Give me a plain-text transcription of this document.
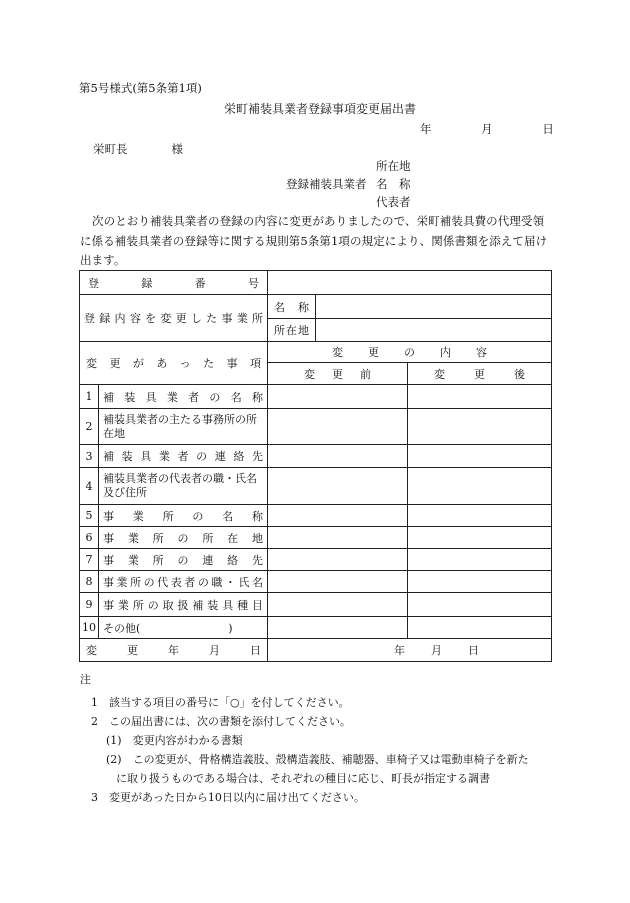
第5号様式(第5条第1項)
栄町補装具業者登録事項変更届出書
年	月	日
栄町長	様
所在地
登録補装具業者 名　称
代表者
次のとおり補装具業者の登録の内容に変更がありましたので、栄町補装具費の代理受領に係る補装具業者の登録等に関する規則第5条第1項の規定により、関係書類を添えて届け出ます。
登録番号				

登録内容を変更した事業所		名　称		

		所在地		

変更があった事項		変更の内容		

		変更前		変更後

1	補装具業者の名称			

2	補装具業者の主たる事務所の所在地			
3	補装具業者の連絡先			

4	補装具業者の代表者の職・氏名及び住所			
5	事業所の名称			

6	事業所の所在地			

7	事業所の連絡先			

8	事業所の代表者の職・氏名			

9	事業所の取扱補装具種目			

10	その他(　　　　　　　　)			

変更年月日		年 月 日		
注
1　該当する項目の番号に「○」を付してください。
2　この届出書には、次の書類を添付してください。
(1)　変更内容がわかる書類
(2)　この変更が、骨格構造義肢、殻構造義肢、補聴器、車椅子又は電動車椅子を新た
に取り扱うものである場合は、それぞれの種目に応じ、町長が指定する調書
3　変更があった日から10日以内に届け出てください。
